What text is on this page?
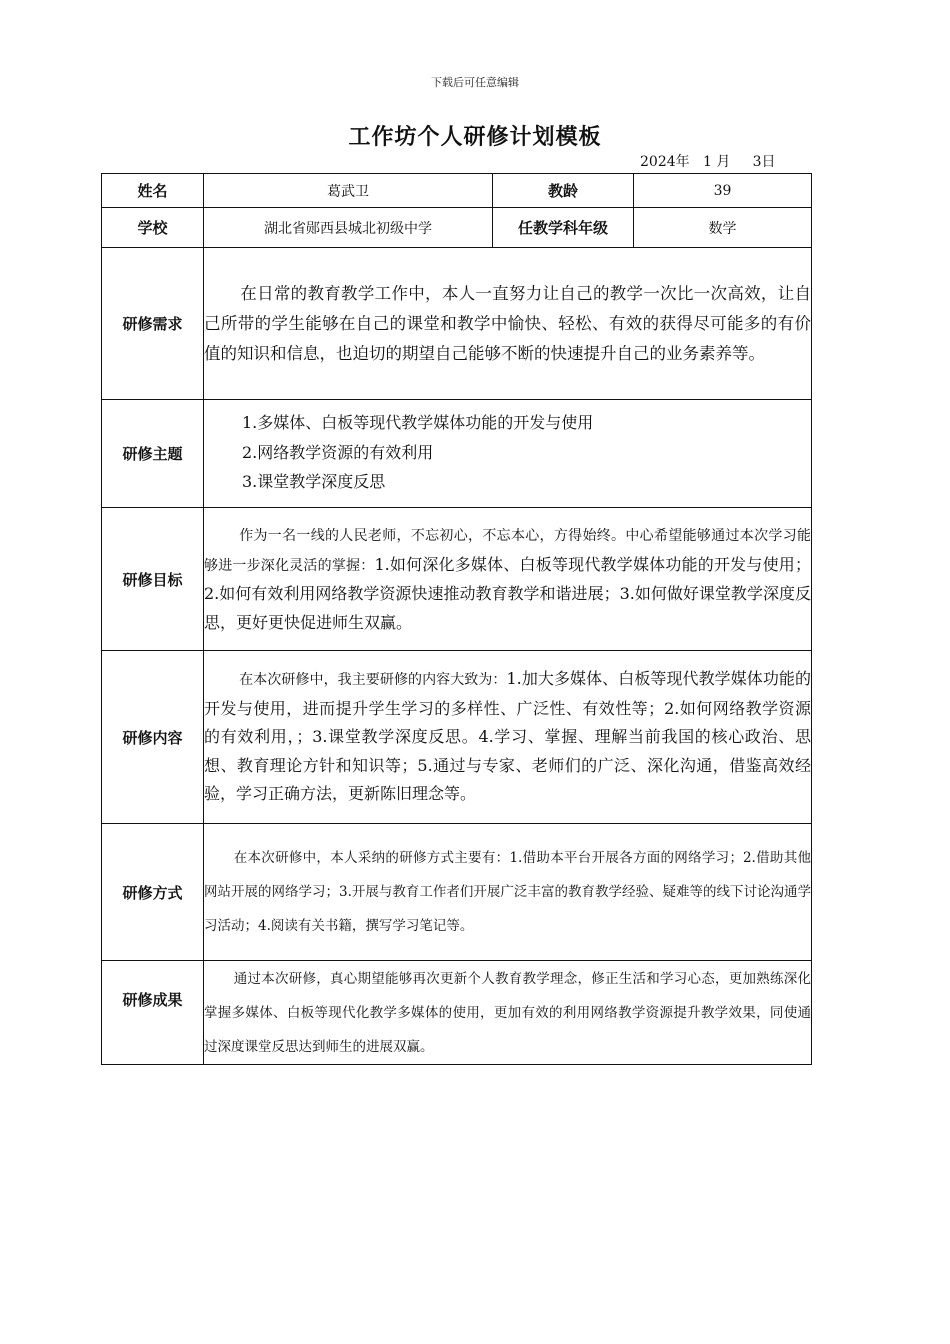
下载后可任意编辑
工作坊个人研修计划模板
2024年   1 月     3日
姓名	葛武卫	教龄	39
学校	湖北省郧西县城北初级中学	任教学科年级	数学
研修需求	在日常的教育教学工作中，本人一直努力让自己的教学一次比一次高效，让自己所带的学生能够在自己的课堂和教学中愉快、轻松、有效的获得尽可能多的有价值的知识和信息，也迫切的期望自己能够不断的快速提升自己的业务素养等。		

研修主题	1.多媒体、白板等现代教学媒体功能的开发与使用
2.网络教学资源的有效利用
3.课堂教学深度反思		

研修目标	作为一名一线的人民老师，不忘初心，不忘本心，方得始终。中心希望能够通过本次学习能够进一步深化灵活的掌握：1.如何深化多媒体、白板等现代教学媒体功能的开发与使用；2.如何有效利用网络教学资源快速推动教育教学和谐进展；3.如何做好课堂教学深度反思，更好更快促进师生双赢。		

研修内容	在本次研修中，我主要研修的内容大致为：1.加大多媒体、白板等现代教学媒体功能的开发与使用，进而提升学生学习的多样性、广泛性、有效性等；2.如何网络教学资源的有效利用，；3.课堂教学深度反思。4.学习、掌握、理解当前我国的核心政治、思想、教育理论方针和知识等；5.通过与专家、老师们的广泛、深化沟通，借鉴高效经验，学习正确方法，更新陈旧理念等。		

研修方式	在本次研修中，本人采纳的研修方式主要有：1.借助本平台开展各方面的网络学习；2.借助其他网站开展的网络学习；3.开展与教育工作者们开展广泛丰富的教育教学经验、疑难等的线下讨论沟通学习活动；4.阅读有关书籍，撰写学习笔记等。		

研修成果	通过本次研修，真心期望能够再次更新个人教育教学理念，修正生活和学习心态，更加熟练深化掌握多媒体、白板等现代化教学多媒体的使用，更加有效的利用网络教学资源提升教学效果，同使通过深度课堂反思达到师生的进展双赢。		
